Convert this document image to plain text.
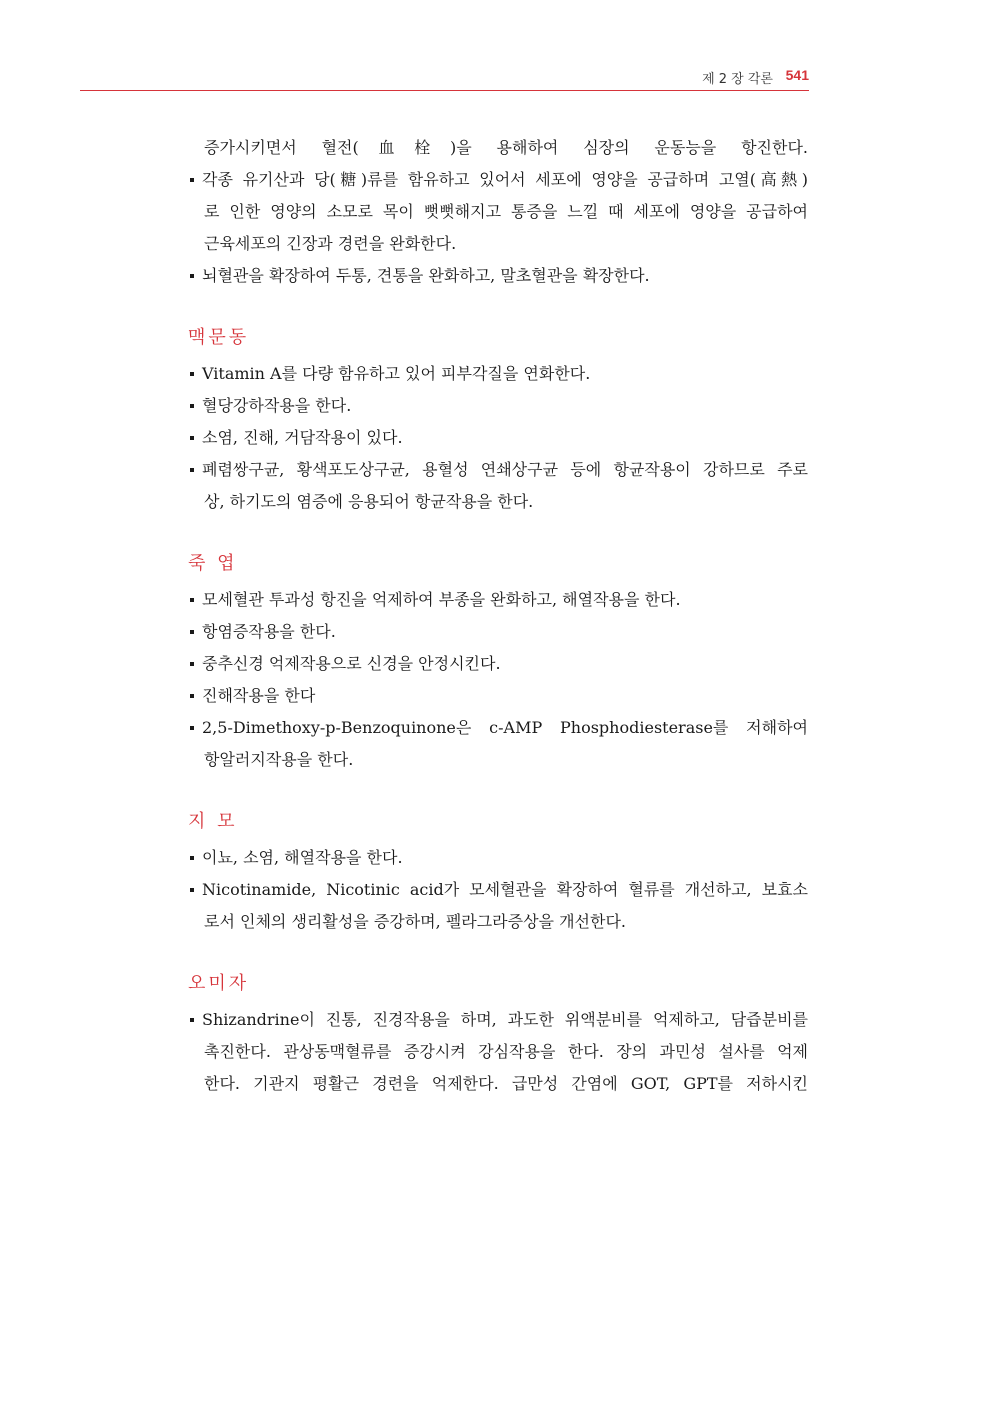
제 2 장 각론 541
증가시키면서 혈전(血栓)을 용해하여 심장의 운동능을 항진한다.
각종 유기산과 당(糖)류를 함유하고 있어서 세포에 영양을 공급하며 고열(高熱)
로 인한 영양의 소모로 목이 뻣뻣해지고 통증을 느낄 때 세포에 영양을 공급하여
근육세포의 긴장과 경련을 완화한다.
뇌혈관을 확장하여 두통, 견통을 완화하고, 말초혈관을 확장한다.
맥문동
Vitamin A를 다량 함유하고 있어 피부각질을 연화한다.
혈당강하작용을 한다.
소염, 진해, 거담작용이 있다.
폐렴쌍구균, 황색포도상구균, 용혈성 연쇄상구균 등에 항균작용이 강하므로 주로
상, 하기도의 염증에 응용되어 항균작용을 한다.
죽 엽
모세혈관 투과성 항진을 억제하여 부종을 완화하고, 해열작용을 한다.
항염증작용을 한다.
중추신경 억제작용으로 신경을 안정시킨다.
진해작용을 한다
2,5-Dimethoxy-p-Benzoquinone은 c-AMP Phosphodiesterase를 저해하여
항알러지작용을 한다.
지 모
이뇨, 소염, 해열작용을 한다.
Nicotinamide, Nicotinic acid가 모세혈관을 확장하여 혈류를 개선하고, 보효소
로서 인체의 생리활성을 증강하며, 펠라그라증상을 개선한다.
오미자
Shizandrine이 진통, 진경작용을 하며, 과도한 위액분비를 억제하고, 담즙분비를
촉진한다. 관상동맥혈류를 증강시켜 강심작용을 한다. 장의 과민성 설사를 억제
한다. 기관지 평활근 경련을 억제한다. 급만성 간염에 GOT, GPT를 저하시킨
